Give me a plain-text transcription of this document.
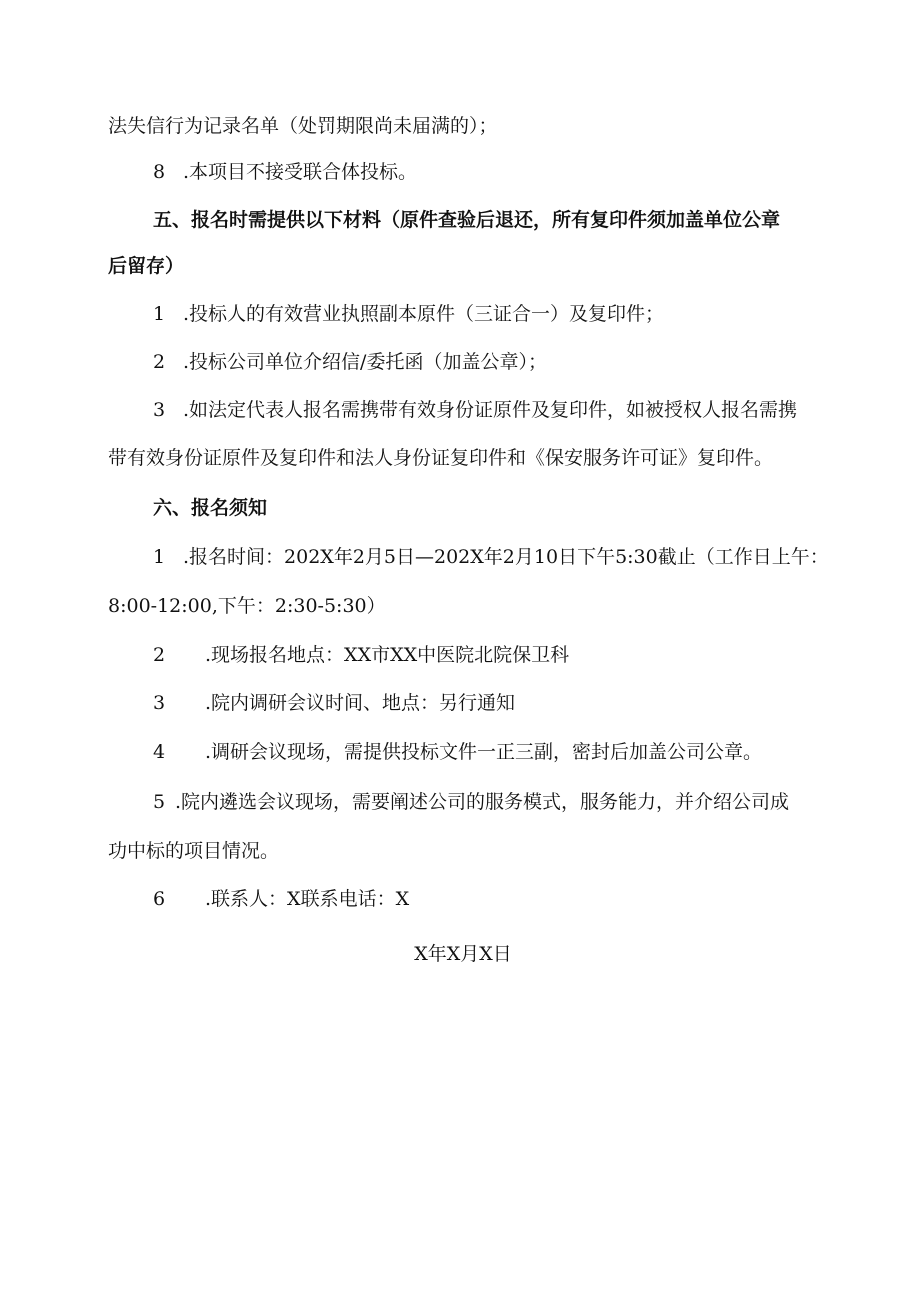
法失信行为记录名单（处罚期限尚未届满的）；
8 .本项目不接受联合体投标。
五、报名时需提供以下材料（原件查验后退还，所有复印件须加盖单位公章
后留存）
1 .投标人的有效营业执照副本原件（三证合一）及复印件；
2 .投标公司单位介绍信/委托函（加盖公章）；
3 .如法定代表人报名需携带有效身份证原件及复印件，如被授权人报名需携
带有效身份证原件及复印件和法人身份证复印件和《保安服务许可证》复印件。
六、报名须知
1 .报名时间：202X年2月5日—202X年2月10日下午5:30截止（工作日上午：
8:00-12:00,下午：2:30-5:30）
2 .现场报名地点：XX市XX中医院北院保卫科
3 .院内调研会议时间、地点：另行通知
4 .调研会议现场，需提供投标文件一正三副，密封后加盖公司公章。
5 .院内遴选会议现场，需要阐述公司的服务模式，服务能力，并介绍公司成
功中标的项目情况。
6 .联系人：X联系电话：X
X年X月X日
